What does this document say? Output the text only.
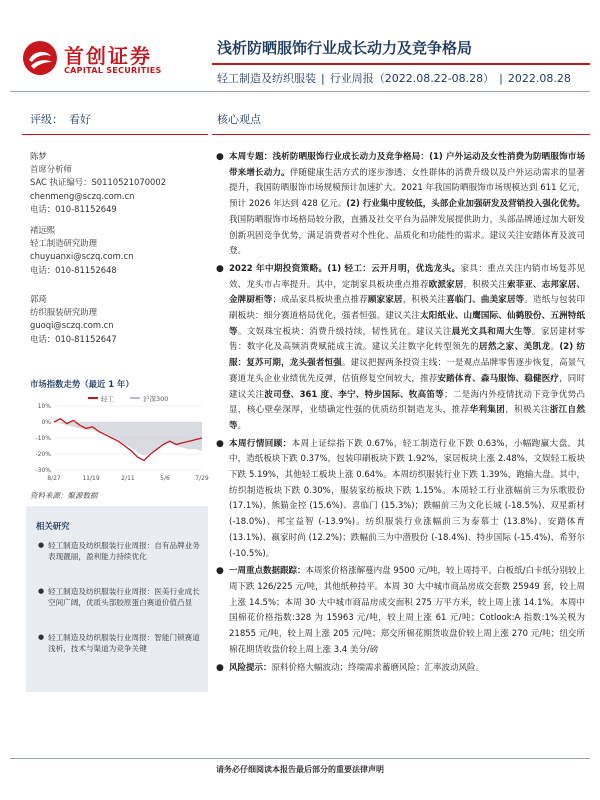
首创证券
CAPITAL SECURITIES
浅析防晒服饰行业成长动力及竞争格局
轻工制造及纺织服装 | 行业周报（2022.08.22-08.28） | 2022.08.28
评级： 看好
陈梦
首席分析师
SAC 执证编号：S0110521070002
chenmeng@sczq.com.cn
电话：010-81152649
褚远熙
轻工制造研究助理
chuyuanxi@sczq.com.cn
电话：010-81152648
郭琦
纺织服装研究助理
guoqi@sczq.com.cn
电话：010-81152647
市场指数走势（最近 1 年）
轻工	沪深300
10%
0%
-10%
-20%
-30%
8/27	11/19	2/11	5/6	7/29
资料来源：聚源数据
相关研究
● 轻工制造及纺织服装行业周报：自有品牌业务表现靓丽，盈利能力持续优化
● 轻工制造及纺织服装行业周报：医美行业成长空间广阔，优质头部胶原蛋白赛道价值凸显
● 轻工制造及纺织服装行业周报：智能门锁赛道浅析，技术与渠道为竞争关键
核心观点
● 本周专题：浅析防晒服饰行业成长动力及竞争格局：(1) 户外运动及女性消费为防晒服饰市场带来增长动力。伴随健康生活方式的逐步渗透、女性群体的消费升级以及户外运动需求的显著提升，我国防晒服饰市场规模预计加速扩大。2021 年我国防晒服饰市场规模达到 611 亿元，预计 2026 年达到 428 亿元。(2) 行业集中度较低，头部企业加强研发及营销投入强化优势。我国防晒服饰市场格局较分散，直播及社交平台为品牌发展提供助力，头部品牌通过加大研发创新巩固竞争优势，满足消费者对个性化、品质化和功能性的需求。建议关注安踏体育及波司登。
● 2022 年中期投资策略。(1) 轻工：云开月明，优选龙头。家具：重点关注内销市场复苏见效、龙头市占率提升。其中，定制家具板块重点推荐欧派家居，积极关注索菲亚、志邦家居、金牌厨柜等；成品家具板块重点推荐顾家家居，积极关注喜临门、曲美家居等。造纸与包装印刷板块：细分赛道格局优化，强者恒强。建议关注太阳纸业、山鹰国际、仙鹤股份、五洲特纸等。文娱珠宝板块：消费升级持续，韧性犹在。建议关注晨光文具和周大生等。家居建材零售：数字化及高频消费赋能成主流。建议关注数字化转型领先的居然之家、美凯龙。(2) 纺服：复苏可期，龙头强者恒强。建议把握两条投资主线：一是观点品牌零售逐步恢复，高景气赛道龙头企业业绩优先反弹，估值修复空间较大，推荐安踏体育、森马服饰、稳健医疗，同时建议关注波司登、361 度、李宁、特步国际、牧高笛等；二是海内外疫情扰动下竞争优势凸显，核心壁垒深厚，业绩确定性强的优质纺织制造龙头，推荐华利集团，积极关注浙江自然等。
● 本周行情回顾：本周上证综指下跌 0.67%，轻工制造行业下跌 0.63%，小幅跑赢大盘。其中，造纸板块下跌 0.37%，包装印刷板块下跌 1.92%，家居板块上涨 2.48%，文娱轻工板块下跌 5.19%，其他轻工板块上涨 0.64%。本周纺织服装行业下跌 1.39%，跑输大盘。其中，纺织制造板块下跌 0.30%，服装家纺板块下跌 1.15%。本周轻工行业涨幅前三为乐歌股份 (17.1%)、熊猫金控 (15.6%)、喜临门 (15.3%)；跌幅前三为文化长城 (-18.5%)、双星新材 (-18.0%)、邦宝益智 (-13.9%)。纺织服装行业涨幅前三为泰慕士 (13.8%)、安踏体育 (13.1%)、嬴家时尚 (12.2%)；跌幅前三为中潜股份 (-18.4%)、特步国际 (-15.4%)、希努尔 (-10.5%)。
● 一周重点数据跟踪：本周浆价格涨解蔓内盘 9500 元/吨，较上周持平。白板纸/白卡纸分别较上周下跌 126/225 元/吨，其他纸种持平。本周 30 大中城市商品房成交套数 25949 套，较上周上涨 14.5%；本周 30 大中城市商品房成交面积 275 万平方米，较上周上涨 14.1%。本周中国棉花价格指数:328 为 15963 元/吨，较上周上涨 61 元/吨；Cotlook:A 指数:1%关税为 21855 元/吨，较上周上涨 205 元/吨；郑交所棉花期货收盘价较上周上涨 270 元/吨；纽交所棉花期货收盘价较上周上涨 3.4 美分/磅
● 风险提示：原料价格大幅波动；终端需求蓄磨风险；汇率波动风险。
请务必仔细阅读本报告最后部分的重要法律声明
